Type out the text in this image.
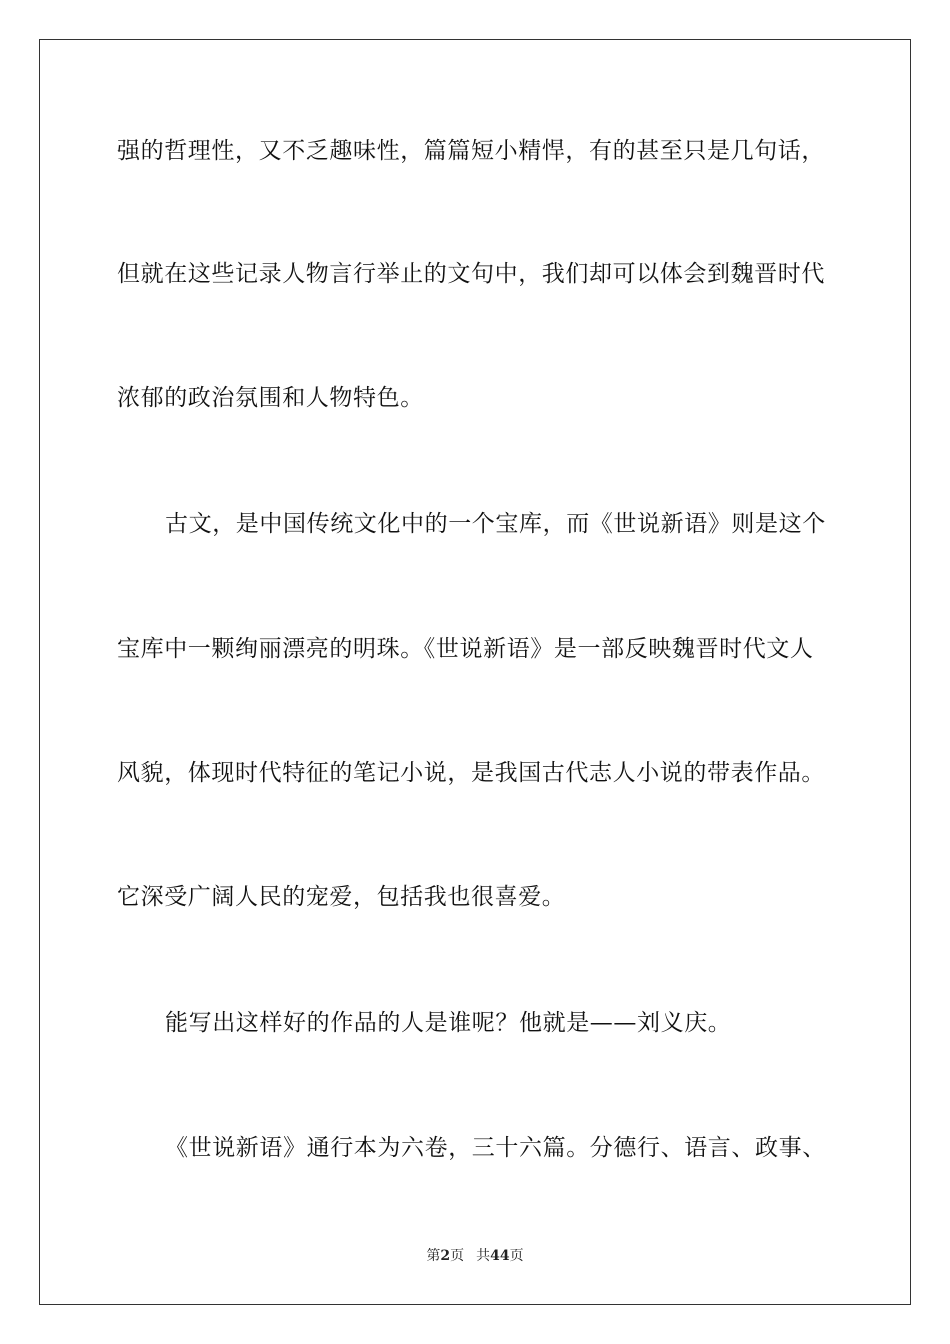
强的哲理性，又不乏趣味性，篇篇短小精悍，有的甚至只是几句话，
但就在这些记录人物言行举止的文句中，我们却可以体会到魏晋时代
浓郁的政治氛围和人物特色。
古文，是中国传统文化中的一个宝库，而《世说新语》则是这个
宝库中一颗绚丽漂亮的明珠。《世说新语》是一部反映魏晋时代文人
风貌，体现时代特征的笔记小说，是我国古代志人小说的带表作品。
它深受广阔人民的宠爱，包括我也很喜爱。
能写出这样好的作品的人是谁呢？他就是——刘义庆。
《世说新语》通行本为六卷，三十六篇。分德行、语言、政事、
第2页 共44页
